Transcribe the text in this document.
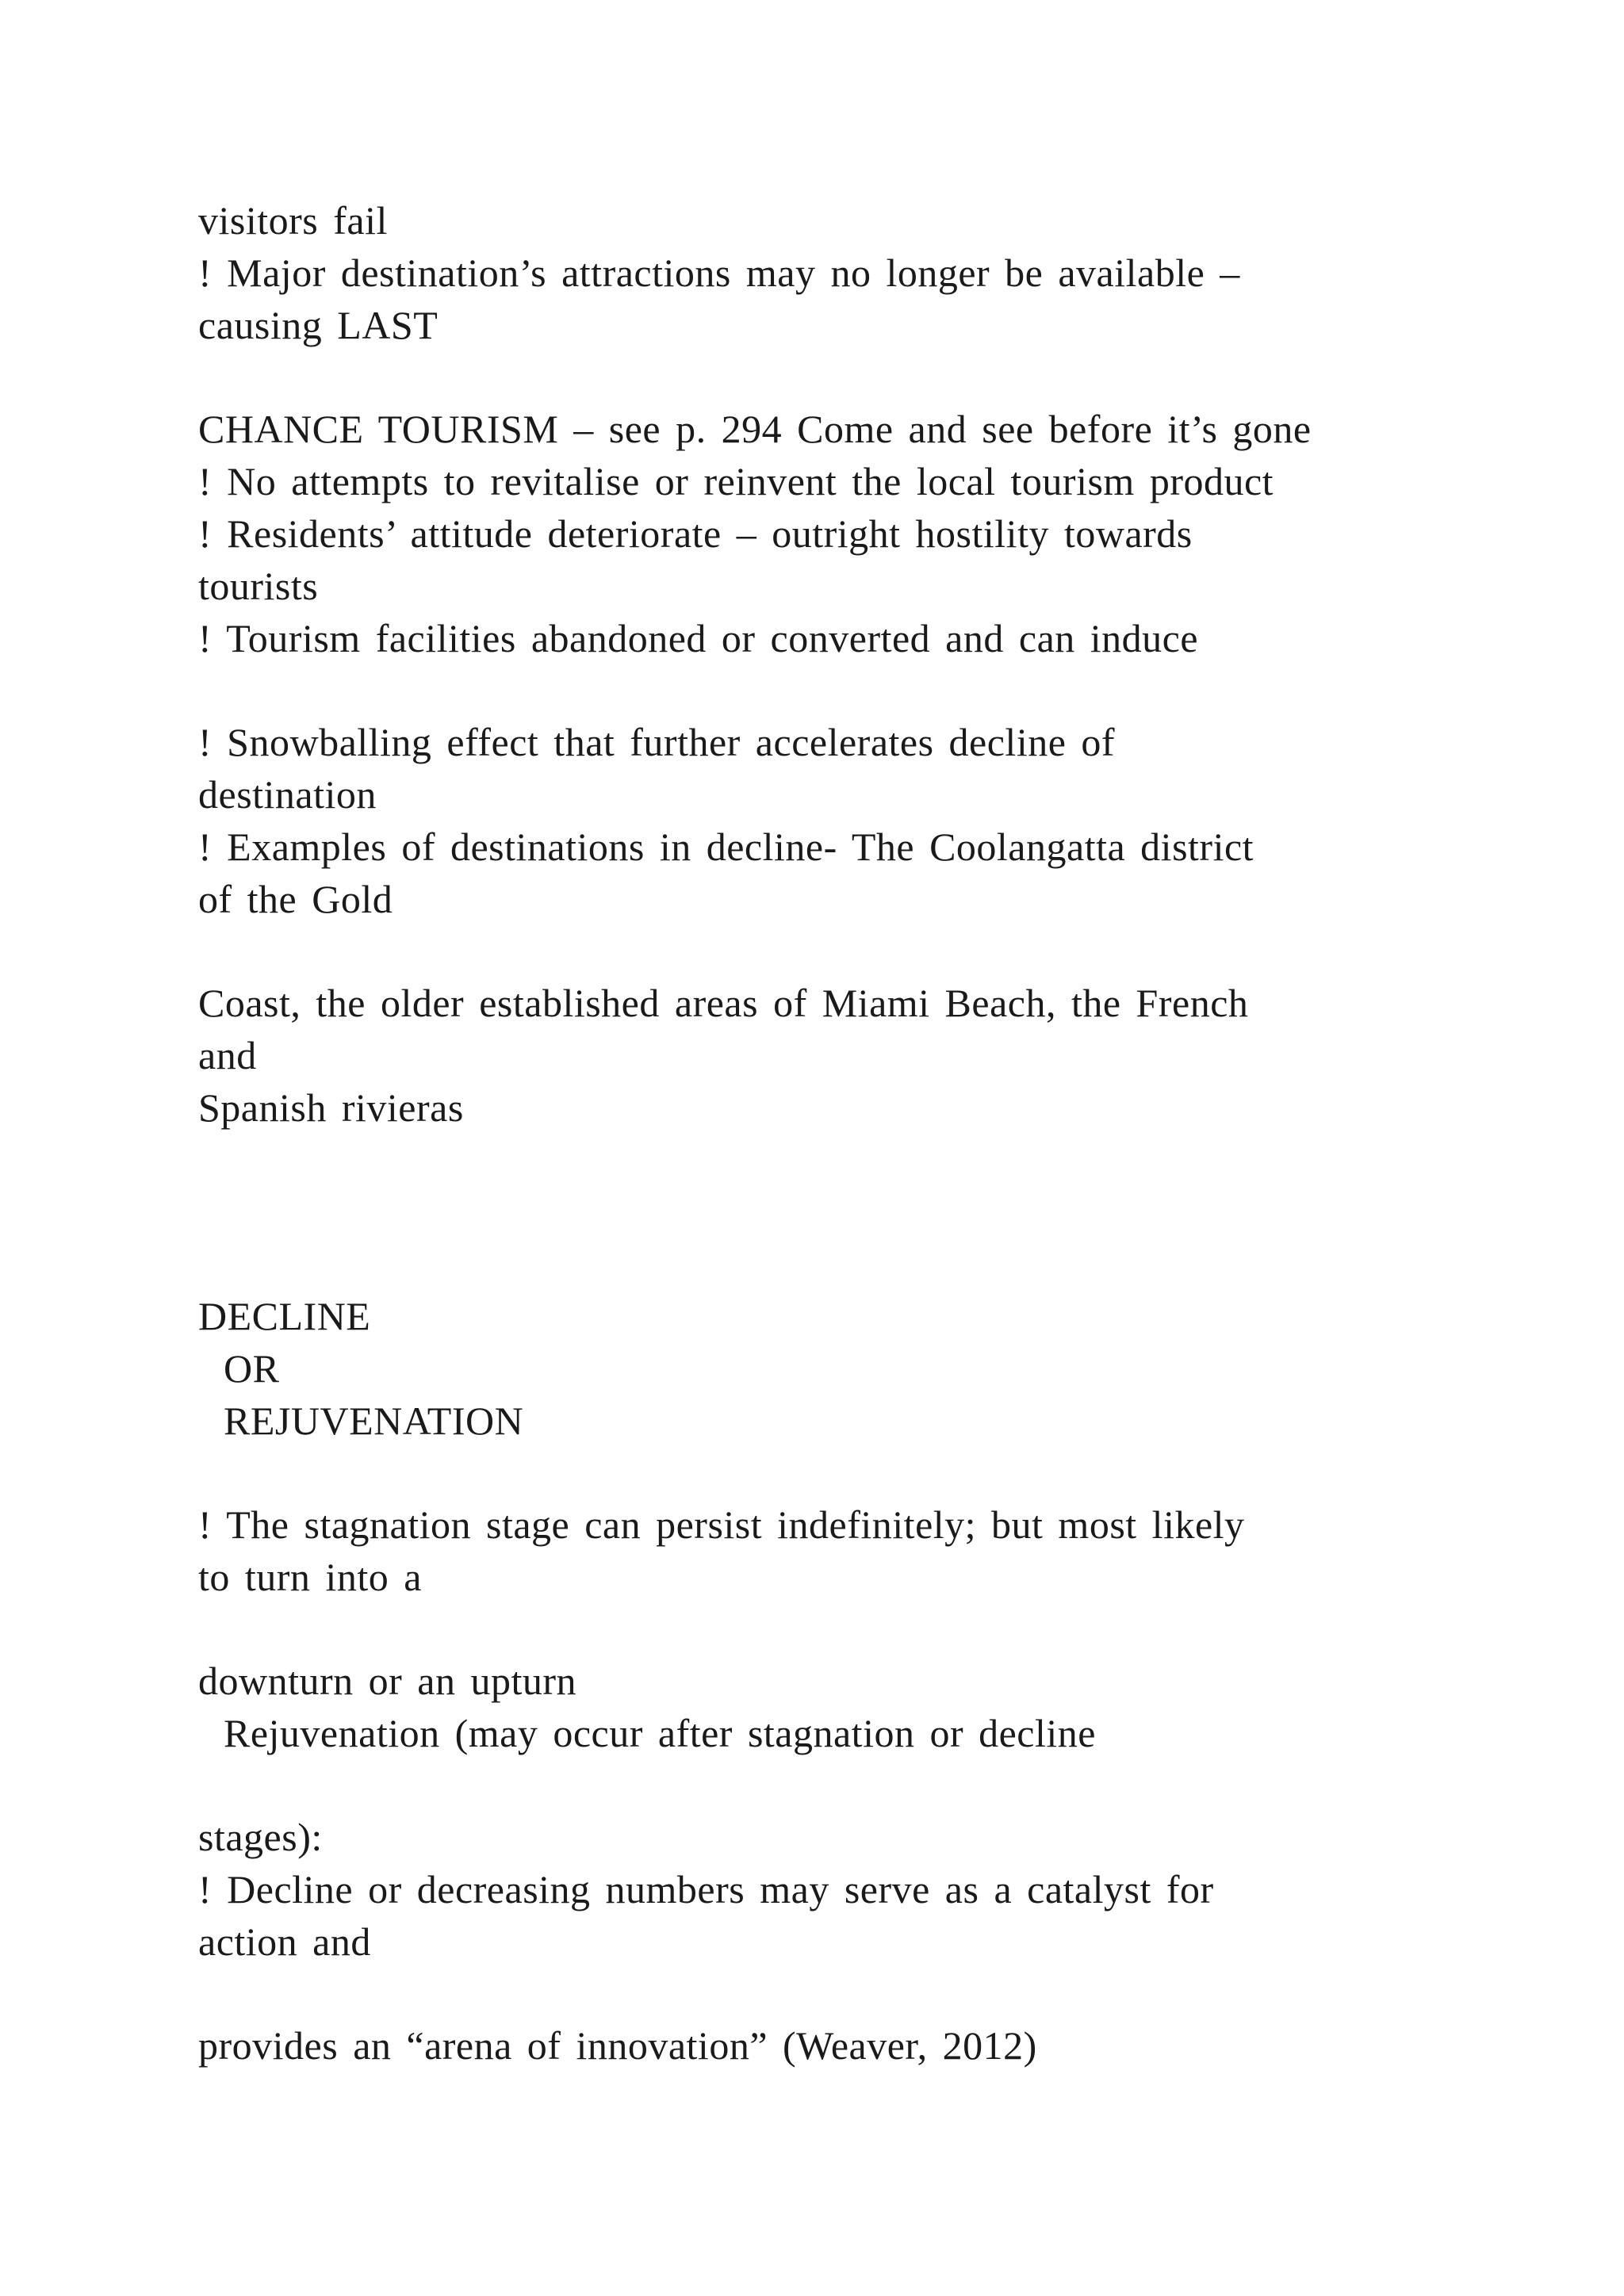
visitors fail

! Major destination’s attractions may no longer be available –

causing LAST

CHANCE TOURISM – see p. 294 Come and see before it’s gone

! No attempts to revitalise or reinvent the local tourism product

! Residents’ attitude deteriorate – outright hostility towards

tourists

! Tourism facilities abandoned or converted and can induce

! Snowballing effect that further accelerates decline of

destination

! Examples of destinations in decline- The Coolangatta district

of the Gold

Coast, the older established areas of Miami Beach, the French

and

Spanish rivieras

DECLINE

OR

REJUVENATION

! The stagnation stage can persist indefinitely; but most likely

to turn into a

downturn or an upturn

Rejuvenation (may occur after stagnation or decline

stages):

! Decline or decreasing numbers may serve as a catalyst for

action and

provides an “arena of innovation” (Weaver, 2012)
